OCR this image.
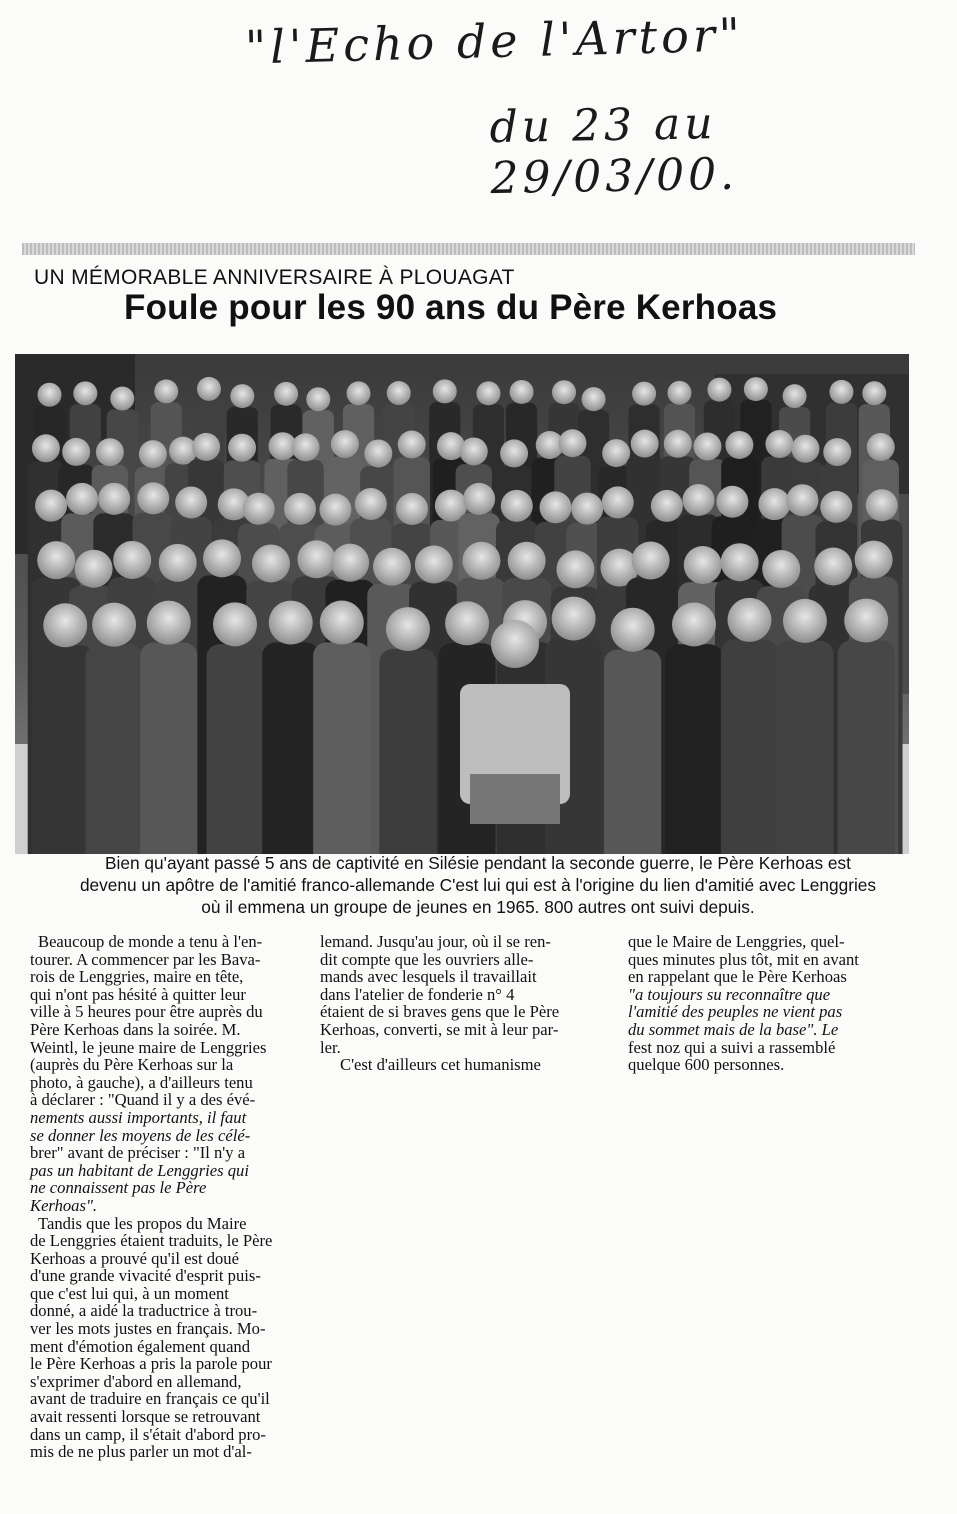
"l'Echo de l'Artor"
du 23 au 29/03/00.
UN MÉMORABLE ANNIVERSAIRE À PLOUAGAT
Foule pour les 90 ans du Père Kerhoas
Bien qu'ayant passé 5 ans de captivité en Silésie pendant la seconde guerre, le Père Kerhoas est
devenu un apôtre de l'amitié franco-allemande C'est lui qui est à l'origine du lien d'amitié avec Lenggries
où il emmena un groupe de jeunes en 1965. 800 autres ont suivi depuis.
Beaucoup de monde a tenu à l'en-
tourer. A commencer par les Bava-
rois de Lenggries, maire en tête,
qui n'ont pas hésité à quitter leur
ville à 5 heures pour être auprès du
Père Kerhoas dans la soirée. M.
Weintl, le jeune maire de Lenggries
(auprès du Père Kerhoas sur la
photo, à gauche), a d'ailleurs tenu
à déclarer : "Quand il y a des évé-
nements aussi importants, il faut
se donner les moyens de les célé-
brer" avant de préciser : "Il n'y a
pas un habitant de Lenggries qui
ne connaissent pas le Père
Kerhoas".
Tandis que les propos du Maire
de Lenggries étaient traduits, le Père
Kerhoas a prouvé qu'il est doué
d'une grande vivacité d'esprit puis-
que c'est lui qui, à un moment
donné, a aidé la traductrice à trou-
ver les mots justes en français. Mo-
ment d'émotion également quand
le Père Kerhoas a pris la parole pour
s'exprimer d'abord en allemand,
avant de traduire en français ce qu'il
avait ressenti lorsque se retrouvant
dans un camp, il s'était d'abord pro-
mis de ne plus parler un mot d'al-
lemand. Jusqu'au jour, où il se ren-
dit compte que les ouvriers alle-
mands avec lesquels il travaillait
dans l'atelier de fonderie n° 4
étaient de si braves gens que le Père
Kerhoas, converti, se mit à leur par-
ler.
C'est d'ailleurs cet humanisme
que le Maire de Lenggries, quel-
ques minutes plus tôt, mit en avant
en rappelant que le Père Kerhoas
"a toujours su reconnaître que
l'amitié des peuples ne vient pas
du sommet mais de la base". Le
fest noz qui a suivi a rassemblé
quelque 600 personnes.
